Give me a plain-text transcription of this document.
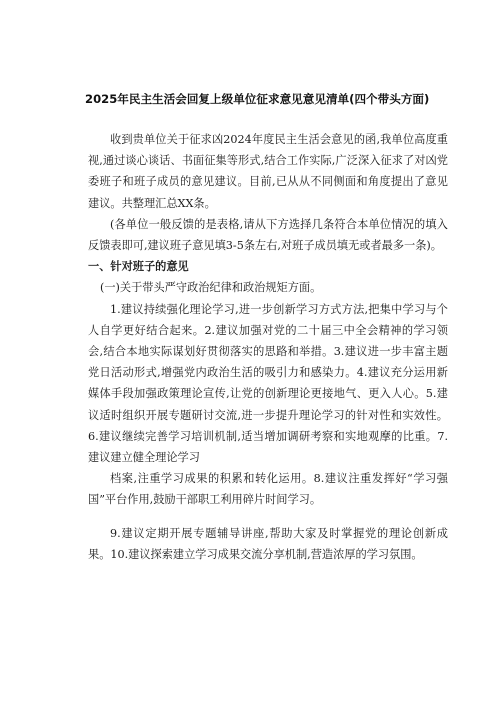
2025年民主生活会回复上级单位征求意见意见清单(四个带头方面)

收到贵单位关于征求凶2024年度民主生活会意见的函,我单位高度重视,通过谈心谈话、书面征集等形式,结合工作实际,广泛深入征求了对凶党委班子和班子成员的意见建议。目前,已从从不同侧面和角度提出了意见建议。共整理汇总XX条。

(各单位一般反馈的是表格,请从下方选择几条符合本单位情况的填入反馈表即可,建议班子意见填3-5条左右,对班子成员填无或者最多一条)。

一、针对班子的意见

(一)关于带头严守政治纪律和政治规矩方面。

1.建议持续强化理论学习,进一步创新学习方式方法,把集中学习与个人自学更好结合起来。2.建议加强对党的二十届三中全会精神的学习领会,结合本地实际谋划好贯彻落实的思路和举措。3.建议进一步丰富主题党日活动形式,增强党内政治生活的吸引力和感染力。4.建议充分运用新媒体手段加强政策理论宣传,让党的创新理论更接地气、更入人心。5.建议适时组织开展专题研讨交流,进一步提升理论学习的针对性和实效性。6.建议继续完善学习培训机制,适当增加调研考察和实地观摩的比重。7.建议建立健全理论学习

档案,注重学习成果的积累和转化运用。8.建议注重发挥好“学习强国”平台作用,鼓励干部职工利用碎片时间学习。

9.建议定期开展专题辅导讲座,帮助大家及时掌握党的理论创新成果。10.建议探索建立学习成果交流分享机制,营造浓厚的学习氛围。
